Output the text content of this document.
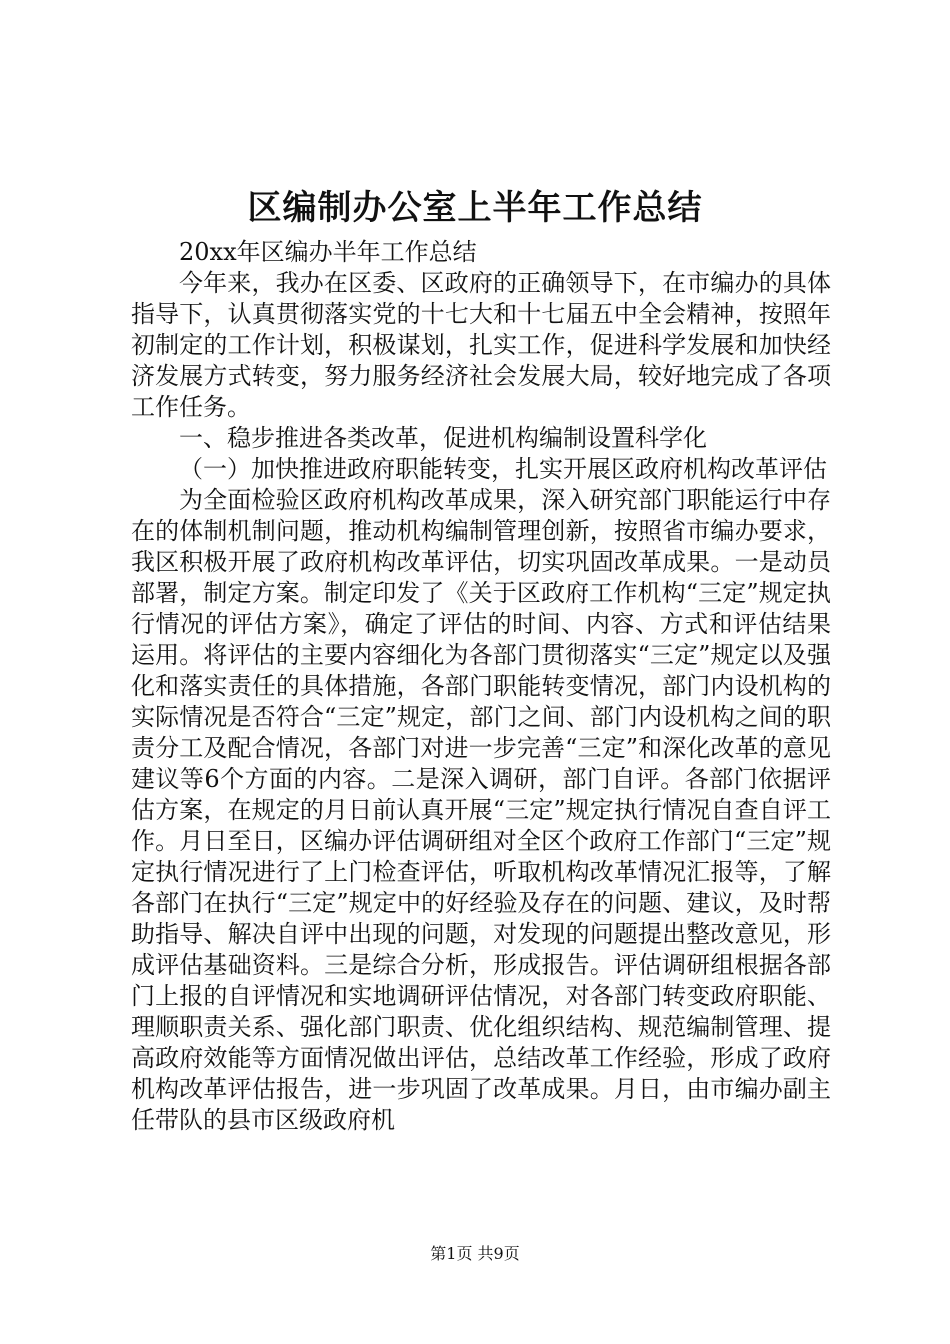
区编制办公室上半年工作总结

20xx年区编办半年工作总结

今年来，我办在区委、区政府的正确领导下，在市编办的具体指导下，认真贯彻落实党的十七大和十七届五中全会精神，按照年初制定的工作计划，积极谋划，扎实工作，促进科学发展和加快经济发展方式转变，努力服务经济社会发展大局，较好地完成了各项工作任务。

一、稳步推进各类改革，促进机构编制设置科学化

（一）加快推进政府职能转变，扎实开展区政府机构改革评估

为全面检验区政府机构改革成果，深入研究部门职能运行中存在的体制机制问题，推动机构编制管理创新，按照省市编办要求，我区积极开展了政府机构改革评估，切实巩固改革成果。一是动员部署，制定方案。制定印发了《关于区政府工作机构“三定”规定执行情况的评估方案》，确定了评估的时间、内容、方式和评估结果运用。将评估的主要内容细化为各部门贯彻落实“三定”规定以及强化和落实责任的具体措施，各部门职能转变情况，部门内设机构的实际情况是否符合“三定”规定，部门之间、部门内设机构之间的职责分工及配合情况，各部门对进一步完善“三定”和深化改革的意见建议等6个方面的内容。二是深入调研，部门自评。各部门依据评估方案，在规定的月日前认真开展“三定”规定执行情况自查自评工作。月日至日，区编办评估调研组对全区个政府工作部门“三定”规定执行情况进行了上门检查评估，听取机构改革情况汇报等，了解各部门在执行“三定”规定中的好经验及存在的问题、建议，及时帮助指导、解决自评中出现的问题，对发现的问题提出整改意见，形成评估基础资料。三是综合分析，形成报告。评估调研组根据各部门上报的自评情况和实地调研评估情况，对各部门转变政府职能、理顺职责关系、强化部门职责、优化组织结构、规范编制管理、提高政府效能等方面情况做出评估，总结改革工作经验，形成了政府机构改革评估报告，进一步巩固了改革成果。月日，由市编办副主任带队的县市区级政府机

第1页 共9页
